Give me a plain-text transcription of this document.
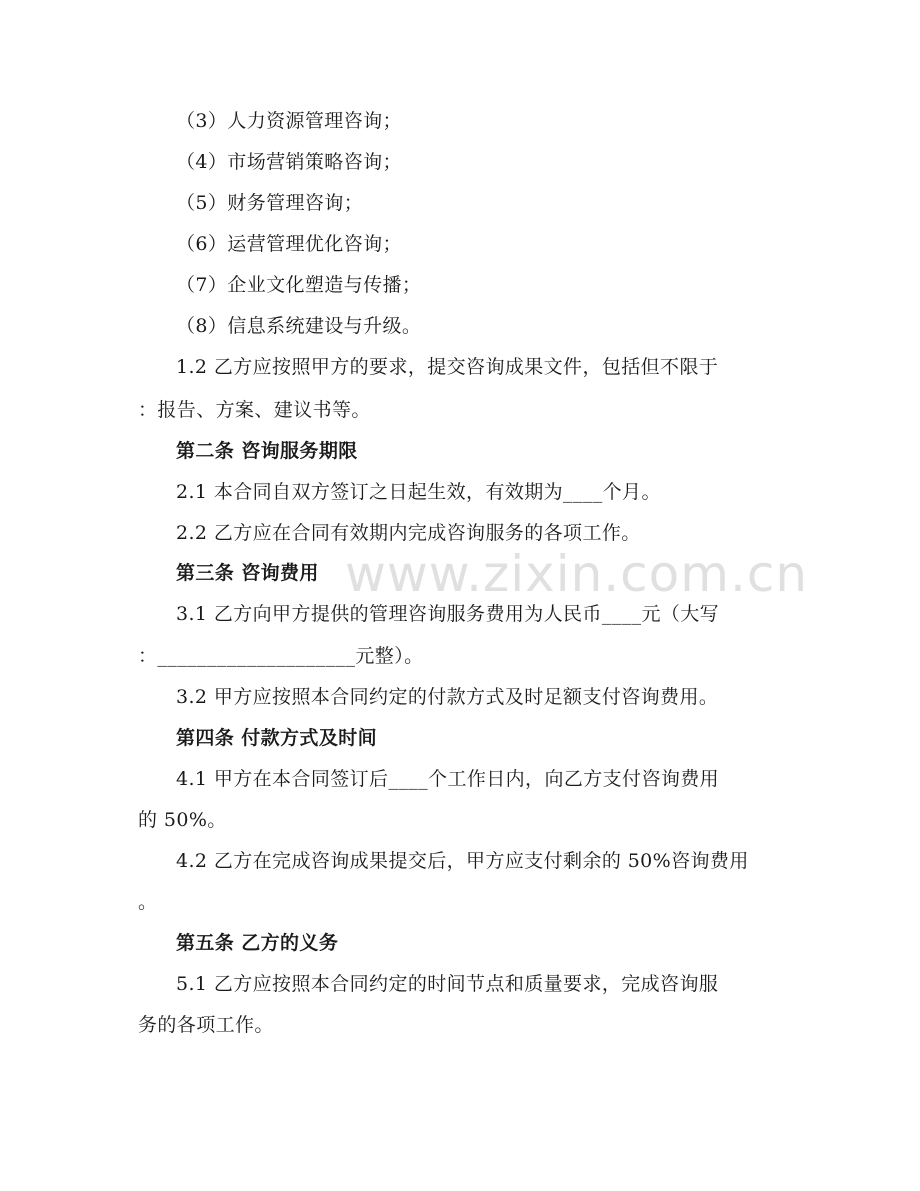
www.zixin.com.cn
（3）人力资源管理咨询；
（4）市场营销策略咨询；
（5）财务管理咨询；
（6）运营管理优化咨询；
（7）企业文化塑造与传播；
（8）信息系统建设与升级。
1.2 乙方应按照甲方的要求，提交咨询成果文件，包括但不限于
：报告、方案、建议书等。
第二条 咨询服务期限
2.1 本合同自双方签订之日起生效，有效期为____个月。
2.2 乙方应在合同有效期内完成咨询服务的各项工作。
第三条 咨询费用
3.1 乙方向甲方提供的管理咨询服务费用为人民币____元（大写
：____________________元整）。
3.2 甲方应按照本合同约定的付款方式及时足额支付咨询费用。
第四条 付款方式及时间
4.1 甲方在本合同签订后____个工作日内，向乙方支付咨询费用
的 50%。
4.2 乙方在完成咨询成果提交后，甲方应支付剩余的 50%咨询费用
。
第五条 乙方的义务
5.1 乙方应按照本合同约定的时间节点和质量要求，完成咨询服
务的各项工作。
